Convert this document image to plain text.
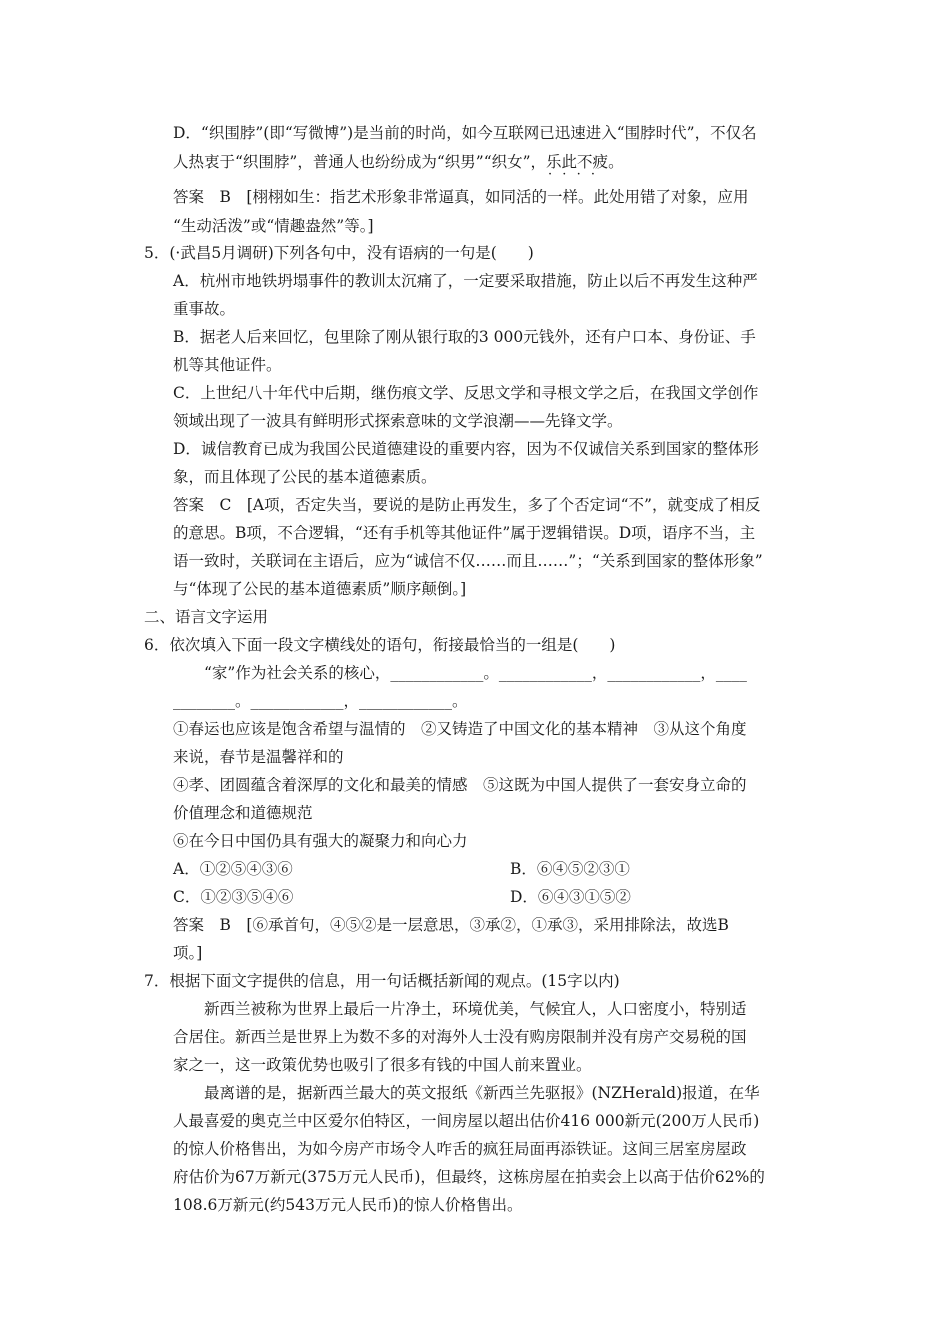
D．“织围脖”(即“写微博”)是当前的时尚，如今互联网已迅速进入“围脖时代”，不仅名
人热衷于“织围脖”，普通人也纷纷成为“织男”“织女”，乐此不疲 · · · ·。
答案　B　[栩栩如生：指艺术形象非常逼真，如同活的一样。此处用错了对象，应用
“生动活泼”或“情趣盎然”等。]
5．(·武昌5月调研)下列各句中，没有语病的一句是(　　)
A．杭州市地铁坍塌事件的教训太沉痛了，一定要采取措施，防止以后不再发生这种严
重事故。
B．据老人后来回忆，包里除了刚从银行取的3 000元钱外，还有户口本、身份证、手
机等其他证件。
C．上世纪八十年代中后期，继伤痕文学、反思文学和寻根文学之后，在我国文学创作
领域出现了一波具有鲜明形式探索意味的文学浪潮——先锋文学。
D．诚信教育已成为我国公民道德建设的重要内容，因为不仅诚信关系到国家的整体形
象，而且体现了公民的基本道德素质。
答案　C　[A项，否定失当，要说的是防止再发生，多了个否定词“不”，就变成了相反
的意思。B项，不合逻辑，“还有手机等其他证件”属于逻辑错误。D项，语序不当，主
语一致时，关联词在主语后，应为“诚信不仅……而且……”；“关系到国家的整体形象”
与“体现了公民的基本道德素质”顺序颠倒。]
二、语言文字运用
6．依次填入下面一段文字横线处的语句，衔接最恰当的一组是(　　)
“家”作为社会关系的核心，____________。____________，____________，____
________。____________，____________。
①春运也应该是饱含希望与温情的　②又铸造了中国文化的基本精神　③从这个角度
来说，春节是温馨祥和的
④孝、团圆蕴含着深厚的文化和最美的情感　⑤这既为中国人提供了一套安身立命的
价值理念和道德规范
⑥在今日中国仍具有强大的凝聚力和向心力
A．①②⑤④③⑥	B．⑥④⑤②③①
C．①②③⑤④⑥	D．⑥④③①⑤②
答案　B　[⑥承首句，④⑤②是一层意思，③承②，①承③，采用排除法，故选B
项。]
7．根据下面文字提供的信息，用一句话概括新闻的观点。(15字以内)
新西兰被称为世界上最后一片净土，环境优美，气候宜人，人口密度小，特别适
合居住。新西兰是世界上为数不多的对海外人士没有购房限制并没有房产交易税的国
家之一，这一政策优势也吸引了很多有钱的中国人前来置业。
最离谱的是，据新西兰最大的英文报纸《新西兰先驱报》(NZHerald)报道，在华
人最喜爱的奥克兰中区爱尔伯特区，一间房屋以超出估价416 000新元(200万人民币)
的惊人价格售出，为如今房产市场令人咋舌的疯狂局面再添铁证。这间三居室房屋政
府估价为67万新元(375万元人民币)，但最终，这栋房屋在拍卖会上以高于估价62%的
108.6万新元(约543万元人民币)的惊人价格售出。
